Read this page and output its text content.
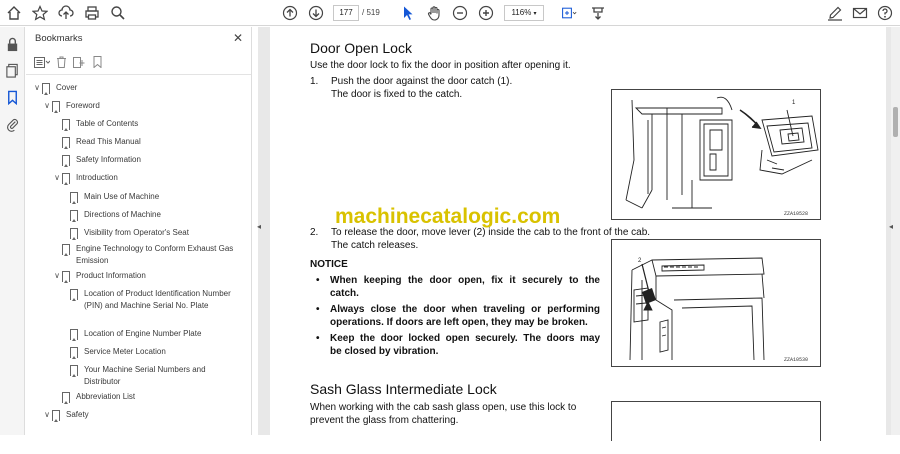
177	/ 519	116% ▾
Bookmarks	✕
∨ Cover
∨ Foreword
Table of Contents
Read This Manual
Safety Information
∨ Introduction
Main Use of Machine
Directions of Machine
Visibility from Operator's Seat
Engine Technology to Conform Exhaust Gas Emission
∨ Product Information
Location of Product Identification Number (PIN) and Machine Serial No. Plate
Location of Engine Number Plate
Service Meter Location
Your Machine Serial Numbers and Distributor
Abbreviation List
∨ Safety
Door Open Lock
Use the door lock to fix the door in position after opening it.
1. Push the door against the door catch (1).
The door is fixed to the catch.
1
ZZA10528
2. To release the door, move lever (2) inside the cab to the front of the cab.
The catch releases.
NOTICE	2
ZZA10530
Sash Glass Intermediate Lock
When working with the cab sash glass open, use this lock to
prevent the glass from chattering.
• When keeping the door open, fix it securely to the
catch.
• Always close the door when traveling or performing
operations. If doors are left open, they may be broken.
• Keep the door locked open securely. The doors may
be closed by vibration.
machinecatalogic.com
◂	◂
